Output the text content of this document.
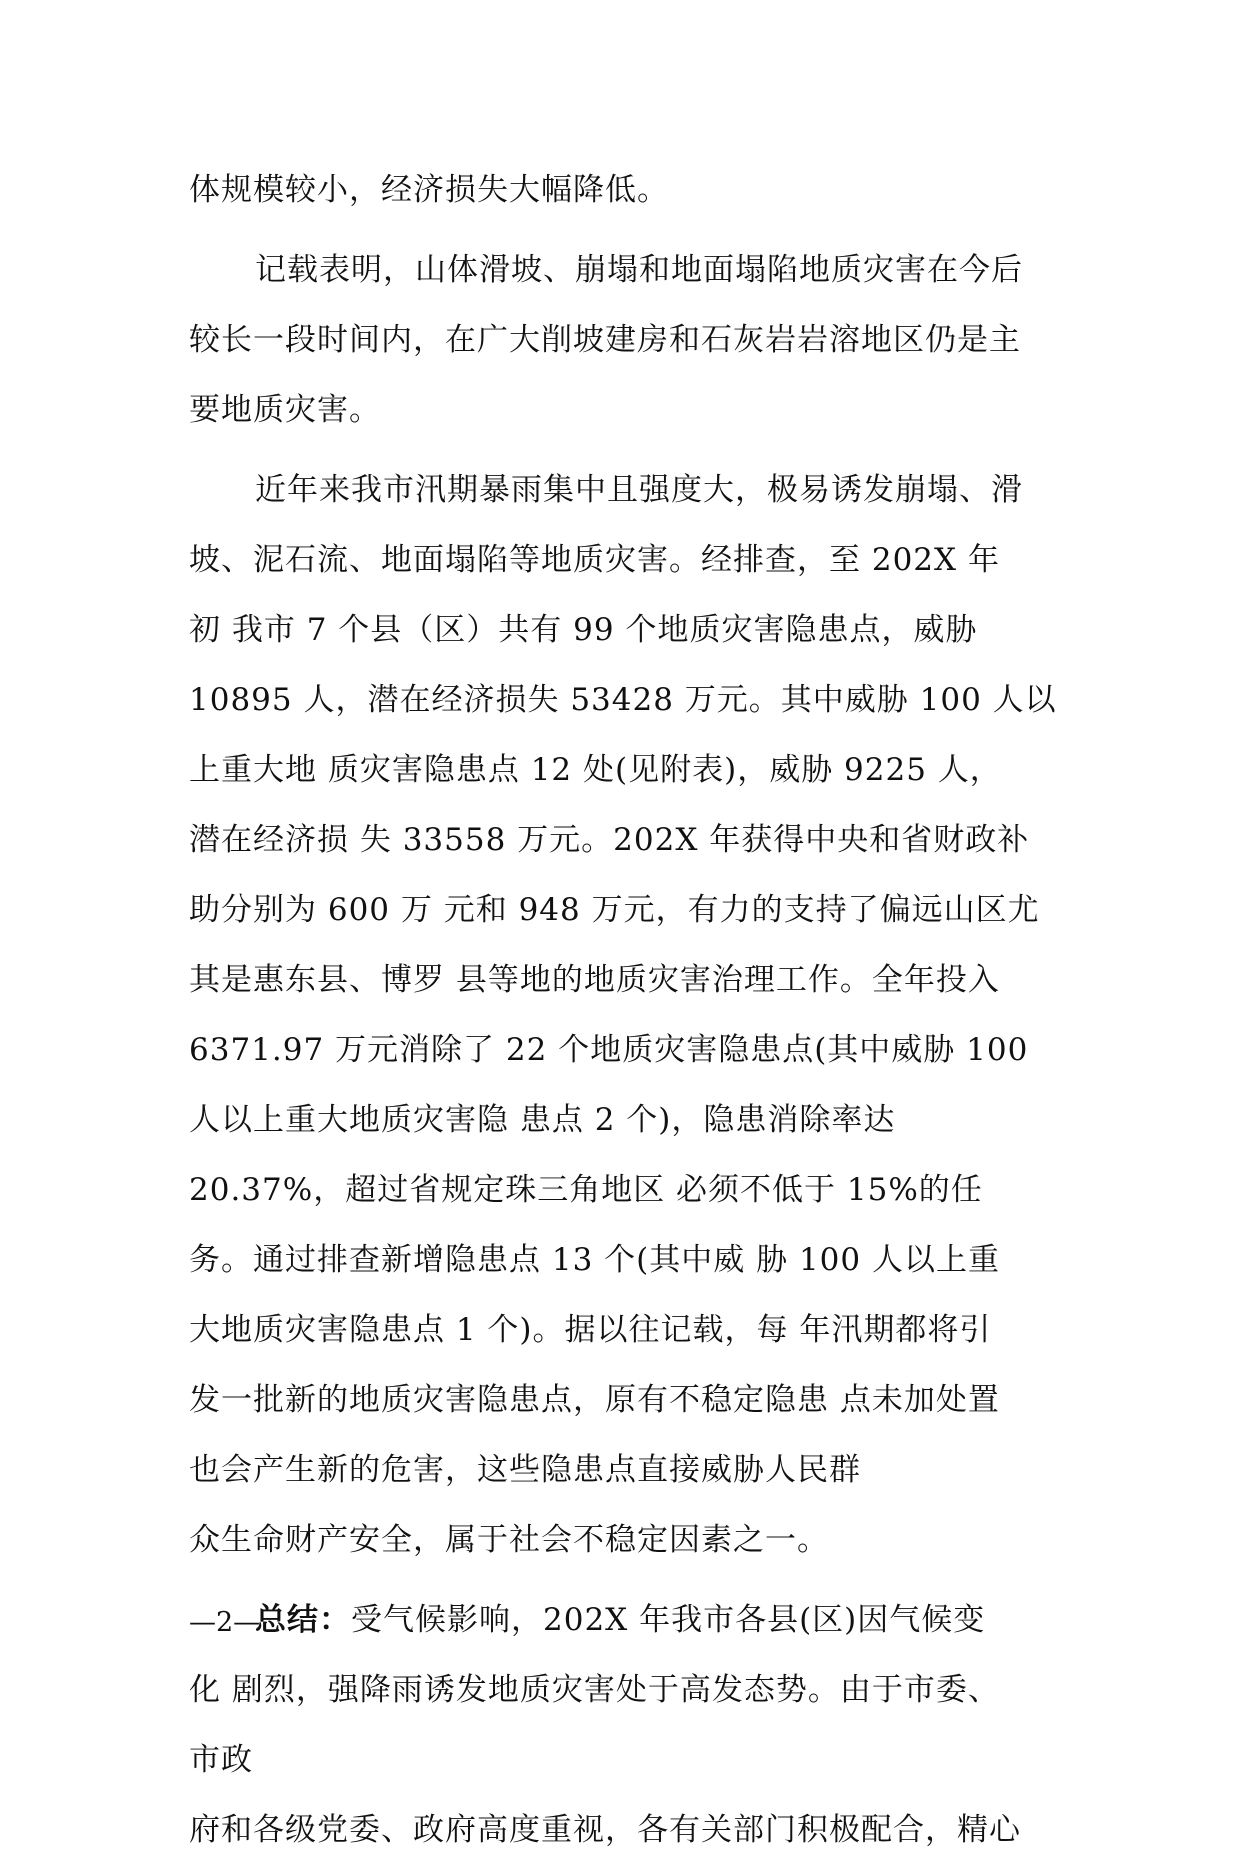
体规模较小，经济损失大幅降低。

记载表明，山体滑坡、崩塌和地面塌陷地质灾害在今后较长一段时间内，在广大削坡建房和石灰岩岩溶地区仍是主要地质灾害。

近年来我市汛期暴雨集中且强度大，极易诱发崩塌、滑
坡、泥石流、地面塌陷等地质灾害。经排查，至 202X 年
初 我市 7 个县（区）共有 99 个地质灾害隐患点，威胁
10895 人，潜在经济损失 53428 万元。其中威胁 100 人以
上重大地 质灾害隐患点 12 处(见附表)，威胁 9225 人，
潜在经济损 失 33558 万元。202X 年获得中央和省财政补
助分别为 600 万 元和 948 万元，有力的支持了偏远山区尤
其是惠东县、博罗 县等地的地质灾害治理工作。全年投入
6371.97 万元消除了 22 个地质灾害隐患点(其中威胁 100
人以上重大地质灾害隐 患点 2 个)，隐患消除率达
20.37%，超过省规定珠三角地区 必须不低于 15%的任
务。通过排查新增隐患点 13 个(其中威 胁 100 人以上重
大地质灾害隐患点 1 个)。据以往记载，每 年汛期都将引
发一批新的地质灾害隐患点，原有不稳定隐患 点未加处置
也会产生新的危害，这些隐患点直接威胁人民群
众生命财产安全，属于社会不稳定因素之一。

总结：受气候影响，202X 年我市各县(区)因气候变
化 剧烈，强降雨诱发地质灾害处于高发态势。由于市委、
市政
府和各级党委、政府高度重视，各有关部门积极配合，精心

—2—
